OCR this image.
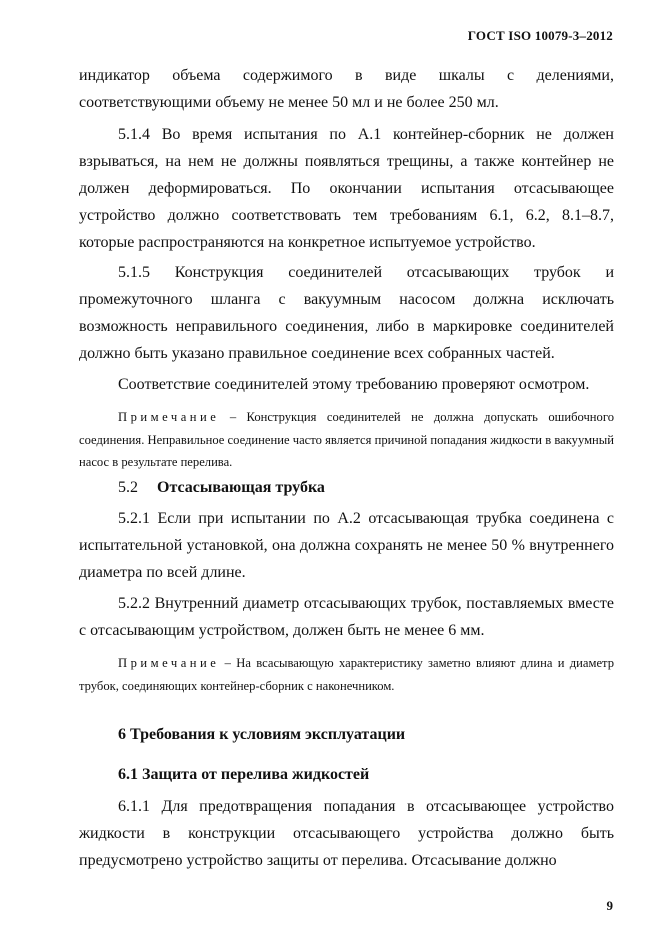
ГОСТ ISO 10079-3–2012

индикатор объема содержимого в виде шкалы с делениями, соответствующими объему не менее 50 мл и не более 250 мл.

5.1.4 Во время испытания по А.1 контейнер-сборник не должен взрываться, на нем не должны появляться трещины, а также контейнер не должен деформироваться. По окончании испытания отсасывающее устройство должно соответствовать тем требованиям 6.1, 6.2, 8.1–8.7, которые распространяются на конкретное испытуемое устройство.

5.1.5 Конструкция соединителей отсасывающих трубок и промежуточного шланга с вакуумным насосом должна исключать возможность неправильного соединения, либо в маркировке соединителей должно быть указано правильное соединение всех собранных частей.

Соответствие соединителей этому требованию проверяют осмотром.

Примечание – Конструкция соединителей не должна допускать ошибочного соединения. Неправильное соединение часто является причиной попадания жидкости в вакуумный насос в результате перелива.

5.2 Отсасывающая трубка

5.2.1 Если при испытании по А.2 отсасывающая трубка соединена с испытательной установкой, она должна сохранять не менее 50 % внутреннего диаметра по всей длине.

5.2.2 Внутренний диаметр отсасывающих трубок, поставляемых вместе с отсасывающим устройством, должен быть не менее 6 мм.

Примечание – На всасывающую характеристику заметно влияют длина и диаметр трубок, соединяющих контейнер-сборник с наконечником.

6 Требования к условиям эксплуатации

6.1 Защита от перелива жидкостей

6.1.1 Для предотвращения попадания в отсасывающее устройство жидкости в конструкции отсасывающего устройства должно быть предусмотрено устройство защиты от перелива. Отсасывание должно

9
